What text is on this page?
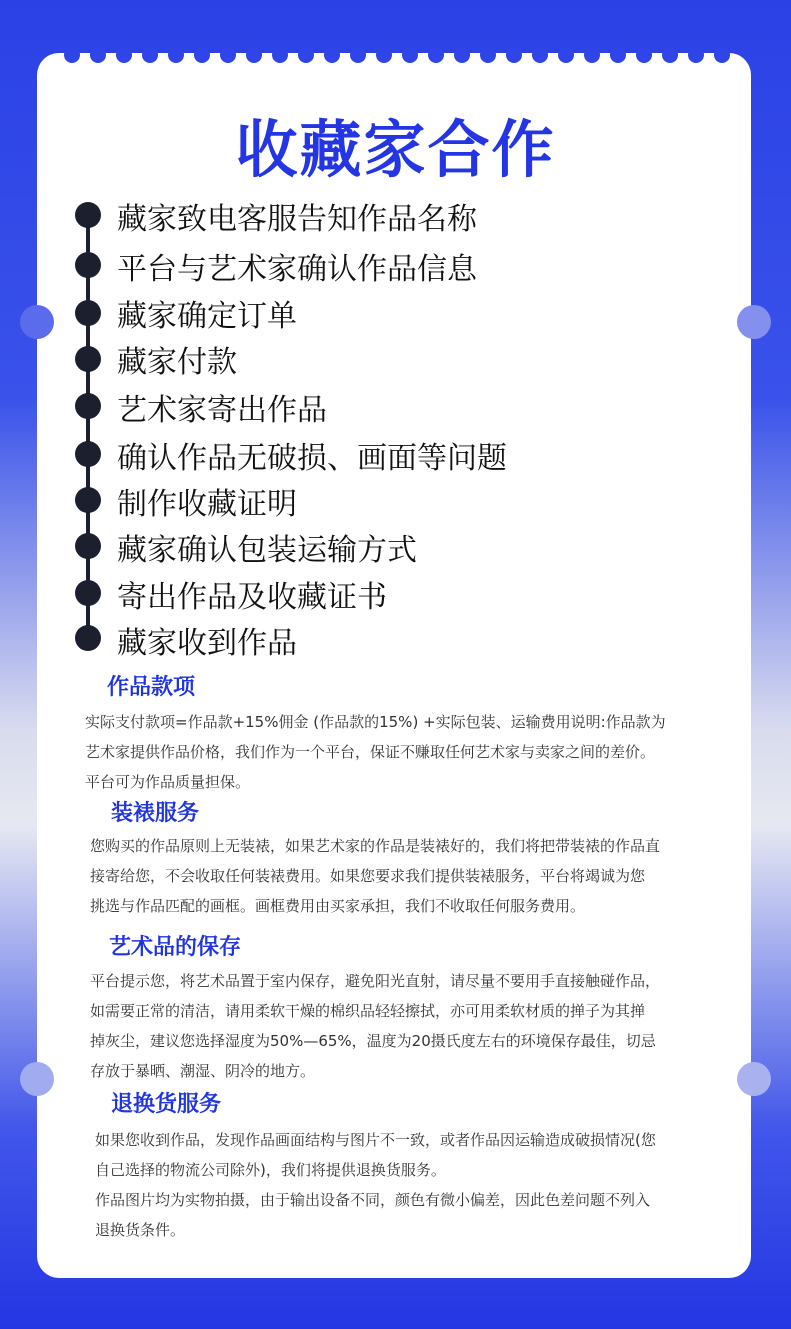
收藏家合作
藏家致电客服告知作品名称
平台与艺术家确认作品信息
藏家确定订单
藏家付款
艺术家寄出作品
确认作品无破损、画面等问题
制作收藏证明
藏家确认包装运输方式
寄出作品及收藏证书
藏家收到作品
作品款项
实际支付款项=作品款+15%佣金 (作品款的15%) +实际包装、运输费用说明:作品款为
艺术家提供作品价格，我们作为一个平台，保证不赚取任何艺术家与卖家之间的差价。
平台可为作品质量担保。
装裱服务
您购买的作品原则上无装裱，如果艺术家的作品是装裱好的，我们将把带装裱的作品直
接寄给您，不会收取任何装裱费用。如果您要求我们提供装裱服务，平台将竭诚为您
挑选与作品匹配的画框。画框费用由买家承担，我们不收取任何服务费用。
艺术品的保存
平台提示您，将艺术品置于室内保存，避免阳光直射，请尽量不要用手直接触碰作品，
如需要正常的清洁，请用柔软干燥的棉织品轻轻擦拭，亦可用柔软材质的掸子为其掸
掉灰尘，建议您选择湿度为50%—65%，温度为20摄氏度左右的环境保存最佳，切忌
存放于暴晒、潮湿、阴冷的地方。
退换货服务
如果您收到作品，发现作品画面结构与图片不一致，或者作品因运输造成破损情况(您
自己选择的物流公司除外)，我们将提供退换货服务。
作品图片均为实物拍摄，由于输出设备不同，颜色有微小偏差，因此色差问题不列入
退换货条件。
